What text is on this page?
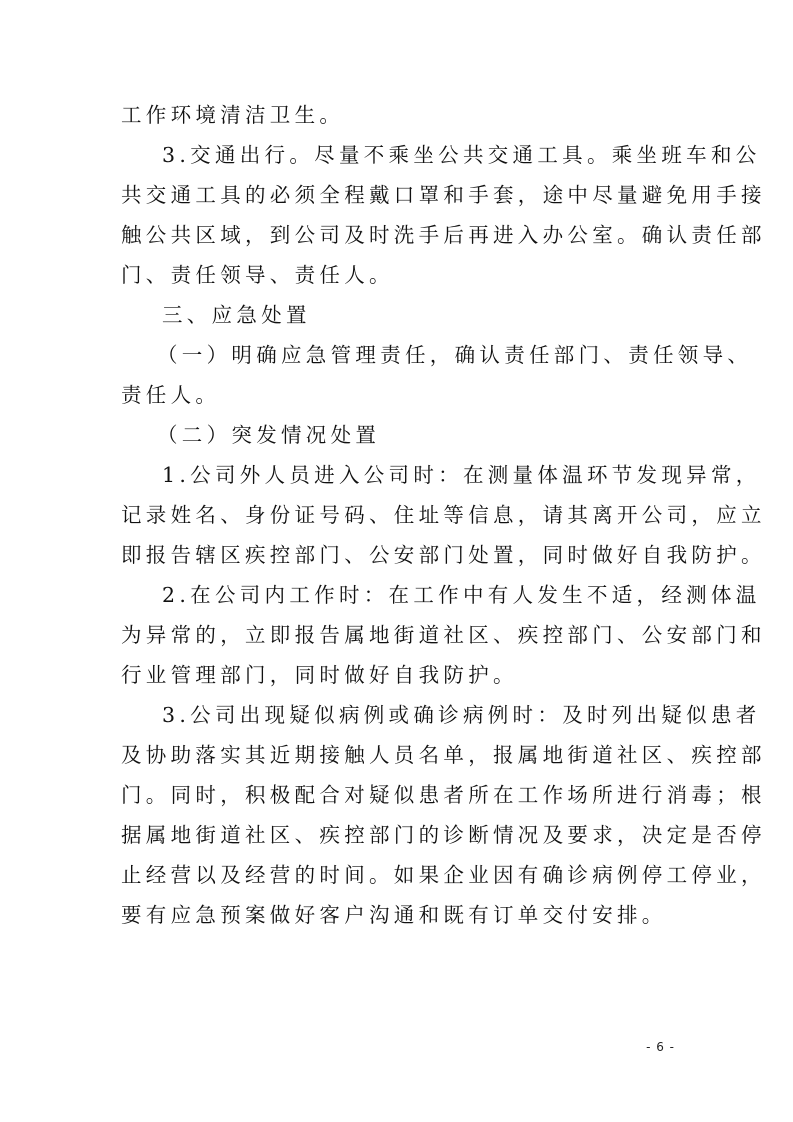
工作环境清洁卫生。
3.交通出行。尽量不乘坐公共交通工具。乘坐班车和公
共交通工具的必须全程戴口罩和手套，途中尽量避免用手接
触公共区域，到公司及时洗手后再进入办公室。确认责任部
门、责任领导、责任人。
三、应急处置
（一）明确应急管理责任，确认责任部门、责任领导、
责任人。
（二）突发情况处置
1.公司外人员进入公司时：在测量体温环节发现异常，
记录姓名、身份证号码、住址等信息，请其离开公司，应立
即报告辖区疾控部门、公安部门处置，同时做好自我防护。
2.在公司内工作时：在工作中有人发生不适，经测体温
为异常的，立即报告属地街道社区、疾控部门、公安部门和
行业管理部门，同时做好自我防护。
3.公司出现疑似病例或确诊病例时：及时列出疑似患者
及协助落实其近期接触人员名单，报属地街道社区、疾控部
门。同时，积极配合对疑似患者所在工作场所进行消毒；根
据属地街道社区、疾控部门的诊断情况及要求，决定是否停
止经营以及经营的时间。如果企业因有确诊病例停工停业，
要有应急预案做好客户沟通和既有订单交付安排。
- 6 -
